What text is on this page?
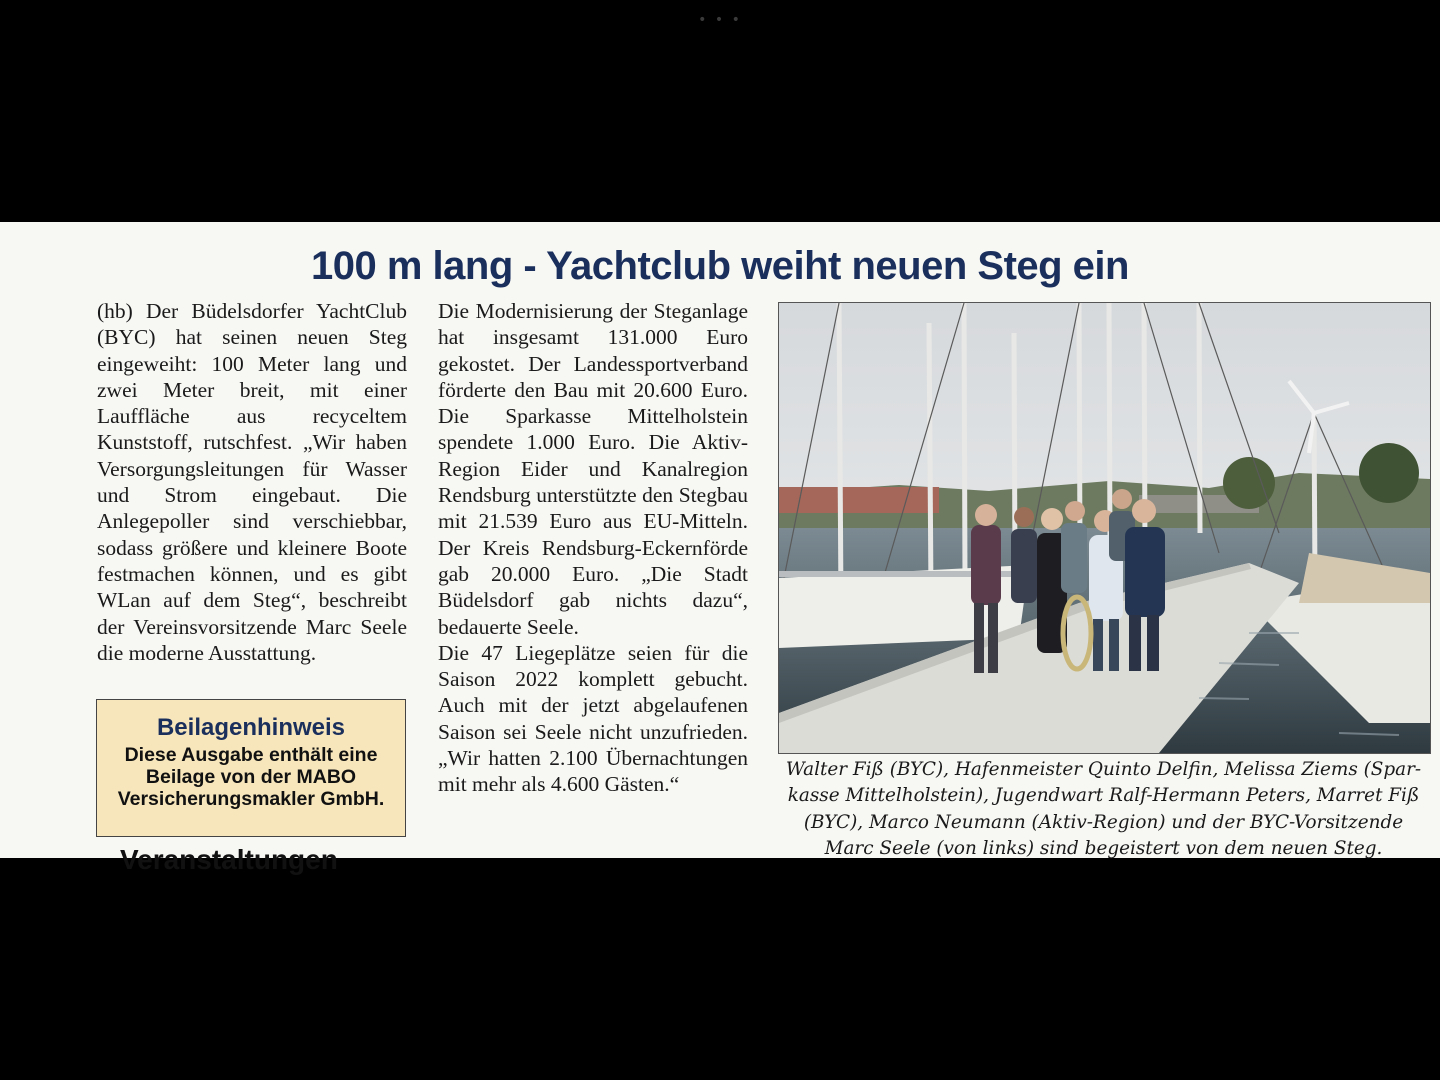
• • •
100 m lang - Yachtclub weiht neuen Steg ein

(hb) Der Büdelsdorfer YachtClub (BYC) hat seinen neuen Steg eingeweiht: 100 Meter lang und zwei Meter breit, mit einer Lauffläche aus recyceltem Kunststoff, rutschfest. „Wir haben Versorgungsleitungen für Wasser und Strom eingebaut. Die Anlegepoller sind verschiebbar, sodass größere und kleinere Boote festmachen können, und es gibt WLan auf dem Steg“, beschreibt der Vereinsvorsitzende Marc Seele die moderne Ausstattung.

Beilagenhinweis
Diese Ausgabe enthält eine Beilage von der MABO Versicherungsmakler GmbH.
Veranstaltungen

Die Modernisierung der Steganlage hat insgesamt 131.000 Euro gekostet. Der Landessportverband förderte den Bau mit 20.600 Euro. Die Sparkasse Mittelholstein spendete 1.000 Euro. Die Aktiv-Region Eider und Kanalregion Rendsburg unterstützte den Stegbau mit 21.539 Euro aus EU-Mitteln. Der Kreis Rendsburg-Eckernförde gab 20.000 Euro. „Die Stadt Büdelsdorf gab nichts dazu“, bedauerte Seele.

Die 47 Liegeplätze seien für die Saison 2022 komplett gebucht. Auch mit der jetzt abgelaufenen Saison sei Seele nicht unzufrieden. „Wir hatten 2.100 Übernachtungen mit mehr als 4.600 Gästen.“

Walter Fiß (BYC), Hafenmeister Quinto Delfin, Melissa Ziems (Sparkasse Mittelholstein), Jugendwart Ralf-Hermann Peters, Marret Fiß (BYC), Marco Neumann (Aktiv-Region) und der BYC-Vorsitzende Marc Seele (von links) sind begeistert von dem neuen Steg.
